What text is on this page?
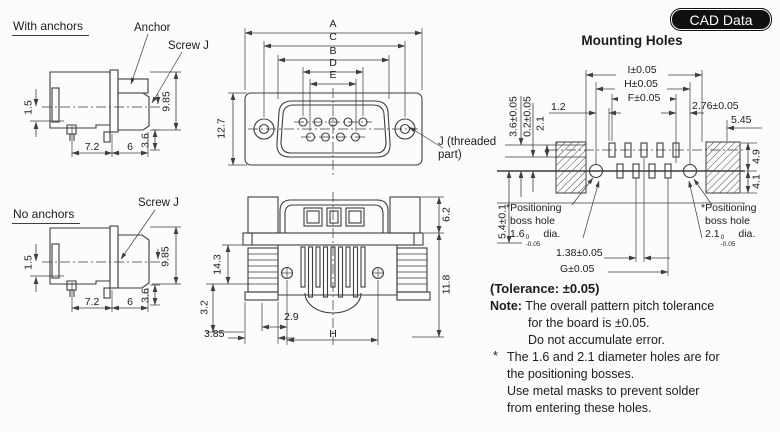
With anchors	Anchor
Screw J
1.5
7.2	6 3.6
9.85
No anchors
Screw J
1.5
7.2	6 3.6
9.85
A
C
B
D
E
12.7
J (threaded
part)
6.2
11.8
14.3
3.2
3.85
2.9
H
CAD Data
Mounting Holes
I±0.05
H±0.05
F±0.05
1.2	2.76±0.05
5.45
3.6±0.05 0.2±0.05 2.1
4.9
4.1
5.4±0.1
1.38±0.05
G±0.05
*Positioning
boss hole
1.6 0
-0.05
dia.
*Positioning
boss hole
2.1 0
-0.05
dia.
(Tolerance: ±0.05)
Note: The overall pattern pitch tolerance
for the board is ±0.05.
Do not accumulate error.
* The 1.6 and 2.1 diameter holes are for
the positioning bosses.
Use metal masks to prevent solder
from entering these holes.
